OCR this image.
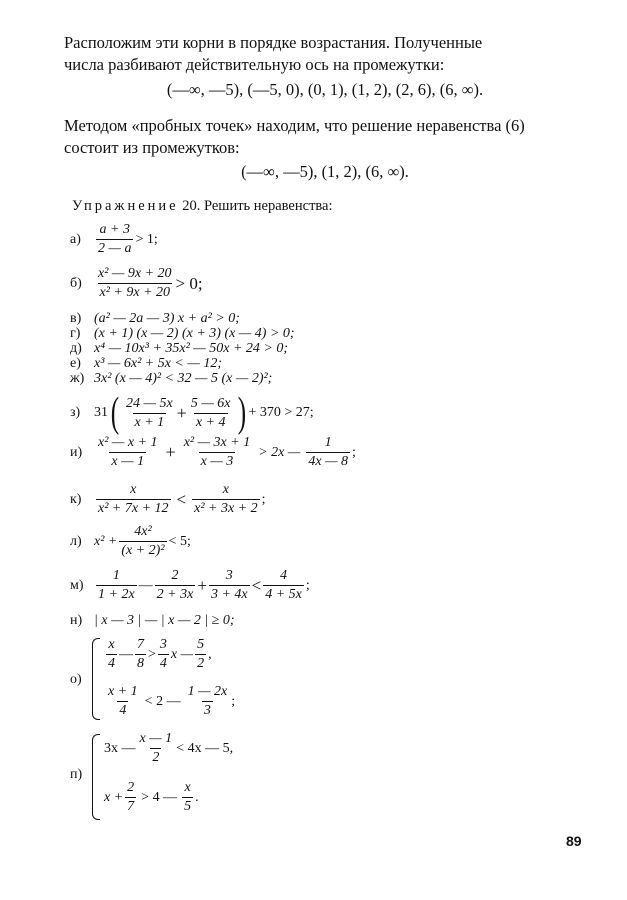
Расположим эти корни в порядке возрастания. Полученные
числа разбивают действительную ось на промежутки:
(—∞, —5), (—5, 0), (0, 1), (1, 2), (2, 6), (6, ∞).
Методом «пробных точек» находим, что решение неравенства (6)
состоит из промежутков:
(—∞, —5), (1, 2), (6, ∞).
Упражнение 20. Решить неравенства:
а)	$\frac{a + 3}{2 — a} > 1$;
б)	$\frac{\text{x² — 9x + 20}}{\text{x² + 9x + 20}} > 0$;
в) (a² — 2a — 3) x + a² > 0;
г) (x + 1) (x — 2) (x + 3) (x — 4) > 0;
д) x⁴ — 10x³ + 35x² — 50x + 24 > 0;
е) x³ — 6x² + 5x < — 12;
ж) 3x² (x — 4)² < 32 — 5 (x — 2)²;
з) 31 ( $\frac{24 — 5x}{x + 1} + \frac{5 — 6x}{x + 4}$ ) + 370 > 27;
$и) \frac{\text{x² — x + 1}}{x — 1} + \frac{\text{x² — 3x + 1}}{x — 3} > 2x$ — $\frac{1}{4x — 8}$ ;
к)	$\frac{x}{\text{x² + 7x + 12}} < \frac{x}{\text{x² + 3x + 2}}$ ;
л) $x^2 + \frac{\text{4x²}}{\text{(x + 2)²}} < 5$;
$м) \frac{1}{1 + 2x}$ — $\frac{2}{2 + 3x} + \frac{3}{3 + 4x} < \frac{4}{4 + 5x}$ ;
н) | x — 3 | — | x — 2 | ≥ 0;
о)
$\frac{x}{4}$ — $\frac{7}{8} > \frac{3}{4}$ x — $\frac{5}{2}$ ,
$\frac{x + 1}{4} < 2$ — $\frac{1 — 2x}{3}$ ;
п)
3x — $\frac{x — 1}{2} < 4x$ — 5,
$x + \frac{2}{7} > 4$ — $\frac{x}{5}$ .
89
